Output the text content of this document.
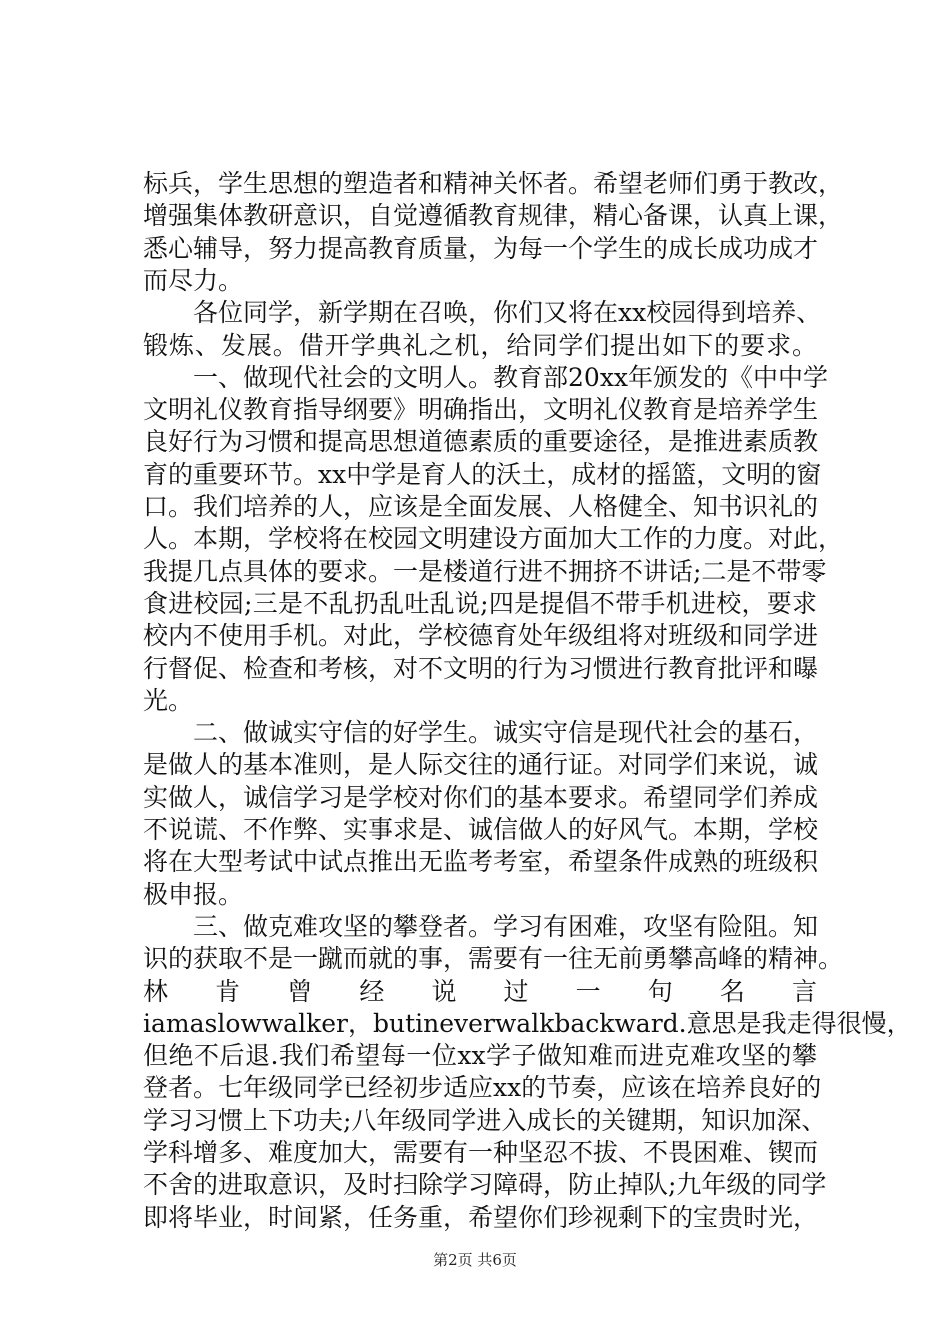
标兵，学生思想的塑造者和精神关怀者。希望老师们勇于教改，
增强集体教研意识，自觉遵循教育规律，精心备课，认真上课，
悉心辅导，努力提高教育质量，为每一个学生的成长成功成才
而尽力。
　　各位同学，新学期在召唤，你们又将在xx校园得到培养、
锻炼、发展。借开学典礼之机，给同学们提出如下的要求。
　　一、做现代社会的文明人。教育部20xx年颁发的《中中学
文明礼仪教育指导纲要》明确指出，文明礼仪教育是培养学生
良好行为习惯和提高思想道德素质的重要途径，是推进素质教
育的重要环节。xx中学是育人的沃土，成材的摇篮，文明的窗
口。我们培养的人，应该是全面发展、人格健全、知书识礼的
人。本期，学校将在校园文明建设方面加大工作的力度。对此，
我提几点具体的要求。一是楼道行进不拥挤不讲话;二是不带零
食进校园;三是不乱扔乱吐乱说;四是提倡不带手机进校，要求
校内不使用手机。对此，学校德育处年级组将对班级和同学进
行督促、检查和考核，对不文明的行为习惯进行教育批评和曝
光。
　　二、做诚实守信的好学生。诚实守信是现代社会的基石，
是做人的基本准则，是人际交往的通行证。对同学们来说，诚
实做人，诚信学习是学校对你们的基本要求。希望同学们养成
不说谎、不作弊、实事求是、诚信做人的好风气。本期，学校
将在大型考试中试点推出无监考考室，希望条件成熟的班级积
极申报。
　　三、做克难攻坚的攀登者。学习有困难，攻坚有险阻。知
识的获取不是一蹴而就的事，需要有一往无前勇攀高峰的精神。
林 肯 曾 经 说 过 一 句 名 言
iamaslowwalker，butineverwalkbackward.意思是我走得很慢，
但绝不后退.我们希望每一位xx学子做知难而进克难攻坚的攀
登者。七年级同学已经初步适应xx的节奏，应该在培养良好的
学习习惯上下功夫;八年级同学进入成长的关键期，知识加深、
学科增多、难度加大，需要有一种坚忍不拔、不畏困难、锲而
不舍的进取意识，及时扫除学习障碍，防止掉队;九年级的同学
即将毕业，时间紧，任务重，希望你们珍视剩下的宝贵时光，
第2页 共6页
